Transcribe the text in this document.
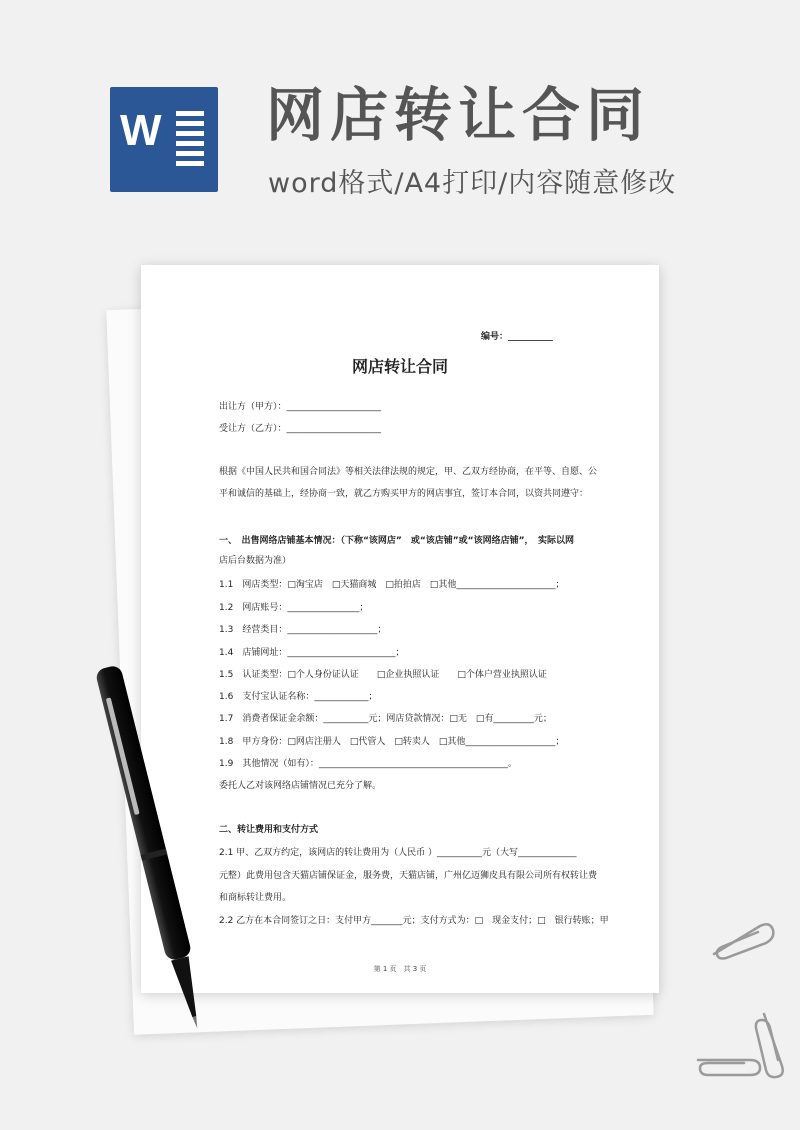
W 网店转让合同
word格式/A4打印/内容随意修改
编号：__________
网店转让合同
出让方（甲方）：_____________________
受让方（乙方）：_____________________
根据《中国人民共和国合同法》等相关法律法规的规定，甲、乙双方经协商，在平等、自愿、公
平和诚信的基础上，经协商一致，就乙方购买甲方的网店事宜，签订本合同，以资共同遵守：
一、　出售网络店铺基本情况：（下称“该网店”　或“该店铺”或“该网络店铺”，　实际以网
店后台数据为准）
1.1　网店类型：□淘宝店　□天猫商城　□拍拍店　□其他______________________；
1.2　网店账号：________________；
1.3　经营类目：____________________；
1.4　店铺网址：________________________；
1.5　认证类型：□个人身份证认证　　□企业执照认证　　□个体户营业执照认证
1.6　支付宝认证名称：____________；
1.7　消费者保证金余额：__________元；网店贷款情况：□无　□有_________元；
1.8　甲方身份：□网店注册人　□代管人　□转卖人　□其他____________________；
1.9　其他情况（如有）：__________________________________________。
委托人乙对该网络店铺情况已充分了解。
二、转让费用和支付方式
2.1 甲、乙双方约定，该网店的转让费用为（人民币 ）__________元（大写_____________
元整）此费用包含天猫店铺保证金，服务费，天猫店铺，广州亿迈狮皮具有限公司所有权转让费
和商标转让费用。
2.2 乙方在本合同签订之日：支付甲方_______元；支付方式为：□　现金支付；□　银行转账；甲
第 1 页　共 3 页
